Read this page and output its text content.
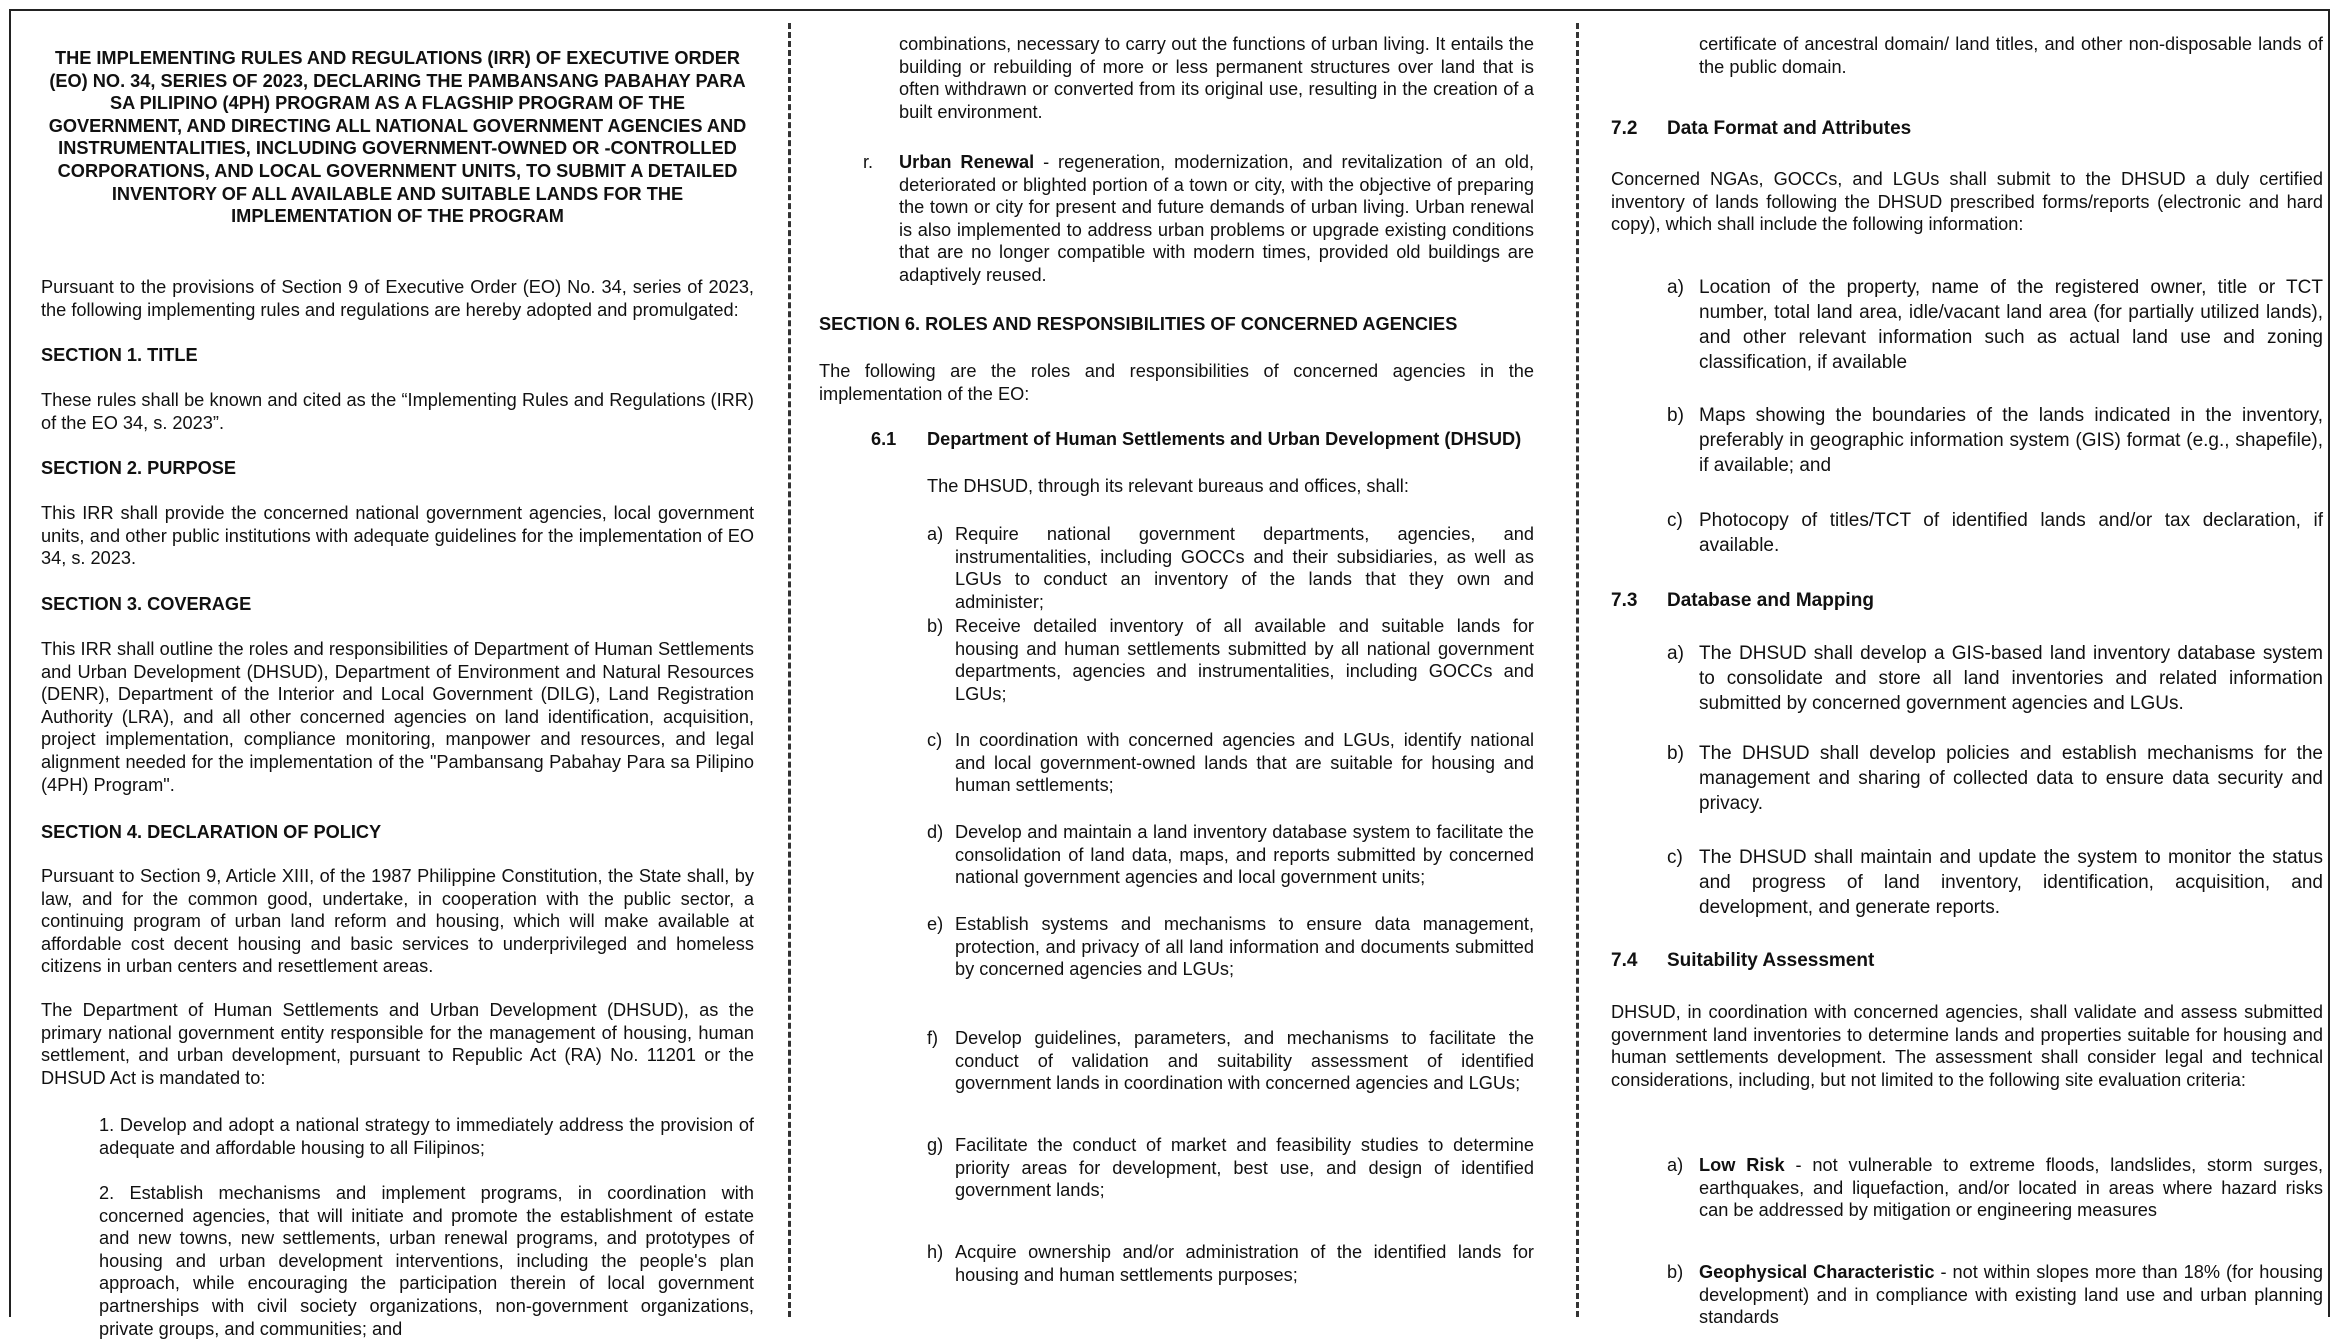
THE IMPLEMENTING RULES AND REGULATIONS (IRR) OF EXECUTIVE ORDER (EO) NO. 34, SERIES OF 2023, DECLARING THE PAMBANSANG PABAHAY PARA SA PILIPINO (4PH) PROGRAM AS A FLAGSHIP PROGRAM OF THE GOVERNMENT, AND DIRECTING ALL NATIONAL GOVERNMENT AGENCIES AND INSTRUMENTALITIES, INCLUDING GOVERNMENT-OWNED OR -CONTROLLED CORPORATIONS, AND LOCAL GOVERNMENT UNITS, TO SUBMIT A DETAILED INVENTORY OF ALL AVAILABLE AND SUITABLE LANDS FOR THE IMPLEMENTATION OF THE PROGRAM

Pursuant to the provisions of Section 9 of Executive Order (EO) No. 34, series of 2023, the following implementing rules and regulations are hereby adopted and promulgated:

SECTION 1. TITLE

These rules shall be known and cited as the “Implementing Rules and Regulations (IRR) of the EO 34, s. 2023”.

SECTION 2. PURPOSE

This IRR shall provide the concerned national government agencies, local government units, and other public institutions with adequate guidelines for the implementation of EO 34, s. 2023.

SECTION 3. COVERAGE

This IRR shall outline the roles and responsibilities of Department of Human Settlements and Urban Development (DHSUD), Department of Environment and Natural Resources (DENR), Department of the Interior and Local Government (DILG), Land Registration Authority (LRA), and all other concerned agencies on land identification, acquisition, project implementation, compliance monitoring, manpower and resources, and legal alignment needed for the implementation of the "Pambansang Pabahay Para sa Pilipino (4PH) Program".

SECTION 4. DECLARATION OF POLICY

Pursuant to Section 9, Article XIII, of the 1987 Philippine Constitution, the State shall, by law, and for the common good, undertake, in cooperation with the public sector, a continuing program of urban land reform and housing, which will make available at affordable cost decent housing and basic services to underprivileged and homeless citizens in urban centers and resettlement areas.

The Department of Human Settlements and Urban Development (DHSUD), as the primary national government entity responsible for the management of housing, human settlement, and urban development, pursuant to Republic Act (RA) No. 11201 or the DHSUD Act is mandated to:

1. Develop and adopt a national strategy to immediately address the provision of adequate and affordable housing to all Filipinos;

2. Establish mechanisms and implement programs, in coordination with concerned agencies, that will initiate and promote the establishment of estate and new towns, new settlements, urban renewal programs, and prototypes of housing and urban development interventions, including the people's plan approach, while encouraging the participation therein of local government partnerships with civil society organizations, non-government organizations, private groups, and communities; and

combinations, necessary to carry out the functions of urban living. It entails the building or rebuilding of more or less permanent structures over land that is often withdrawn or converted from its original use, resulting in the creation of a built environment.

r. Urban Renewal - regeneration, modernization, and revitalization of an old, deteriorated or blighted portion of a town or city, with the objective of preparing the town or city for present and future demands of urban living. Urban renewal is also implemented to address urban problems or upgrade existing conditions that are no longer compatible with modern times, provided old buildings are adaptively reused.

SECTION 6. ROLES AND RESPONSIBILITIES OF CONCERNED AGENCIES

The following are the roles and responsibilities of concerned agencies in the implementation of the EO:

6.1 Department of Human Settlements and Urban Development (DHSUD)

The DHSUD, through its relevant bureaus and offices, shall:

a) Require national government departments, agencies, and instrumentalities, including GOCCs and their subsidiaries, as well as LGUs to conduct an inventory of the lands that they own and administer;

b) Receive detailed inventory of all available and suitable lands for housing and human settlements submitted by all national government departments, agencies and instrumentalities, including GOCCs and LGUs;

c) In coordination with concerned agencies and LGUs, identify national and local government-owned lands that are suitable for housing and human settlements;

d) Develop and maintain a land inventory database system to facilitate the consolidation of land data, maps, and reports submitted by concerned national government agencies and local government units;

e) Establish systems and mechanisms to ensure data management, protection, and privacy of all land information and documents submitted by concerned agencies and LGUs;

f) Develop guidelines, parameters, and mechanisms to facilitate the conduct of validation and suitability assessment of identified government lands in coordination with concerned agencies and LGUs;

g) Facilitate the conduct of market and feasibility studies to determine priority areas for development, best use, and design of identified government lands;

h) Acquire ownership and/or administration of the identified lands for housing and human settlements purposes;

certificate of ancestral domain/ land titles, and other non-disposable lands of the public domain.

7.2 Data Format and Attributes

Concerned NGAs, GOCCs, and LGUs shall submit to the DHSUD a duly certified inventory of lands following the DHSUD prescribed forms/reports (electronic and hard copy), which shall include the following information:

a) Location of the property, name of the registered owner, title or TCT number, total land area, idle/vacant land area (for partially utilized lands), and other relevant information such as actual land use and zoning classification, if available

b) Maps showing the boundaries of the lands indicated in the inventory, preferably in geographic information system (GIS) format (e.g., shapefile), if available; and

c) Photocopy of titles/TCT of identified lands and/or tax declaration, if available.

7.3 Database and Mapping

a) The DHSUD shall develop a GIS-based land inventory database system to consolidate and store all land inventories and related information submitted by concerned government agencies and LGUs.

b) The DHSUD shall develop policies and establish mechanisms for the management and sharing of collected data to ensure data security and privacy.

c) The DHSUD shall maintain and update the system to monitor the status and progress of land inventory, identification, acquisition, and development, and generate reports.

7.4 Suitability Assessment

DHSUD, in coordination with concerned agencies, shall validate and assess submitted government land inventories to determine lands and properties suitable for housing and human settlements development. The assessment shall consider legal and technical considerations, including, but not limited to the following site evaluation criteria:

a) Low Risk - not vulnerable to extreme floods, landslides, storm surges, earthquakes, and liquefaction, and/or located in areas where hazard risks can be addressed by mitigation or engineering measures

b) Geophysical Characteristic - not within slopes more than 18% (for housing development) and in compliance with existing land use and urban planning standards
